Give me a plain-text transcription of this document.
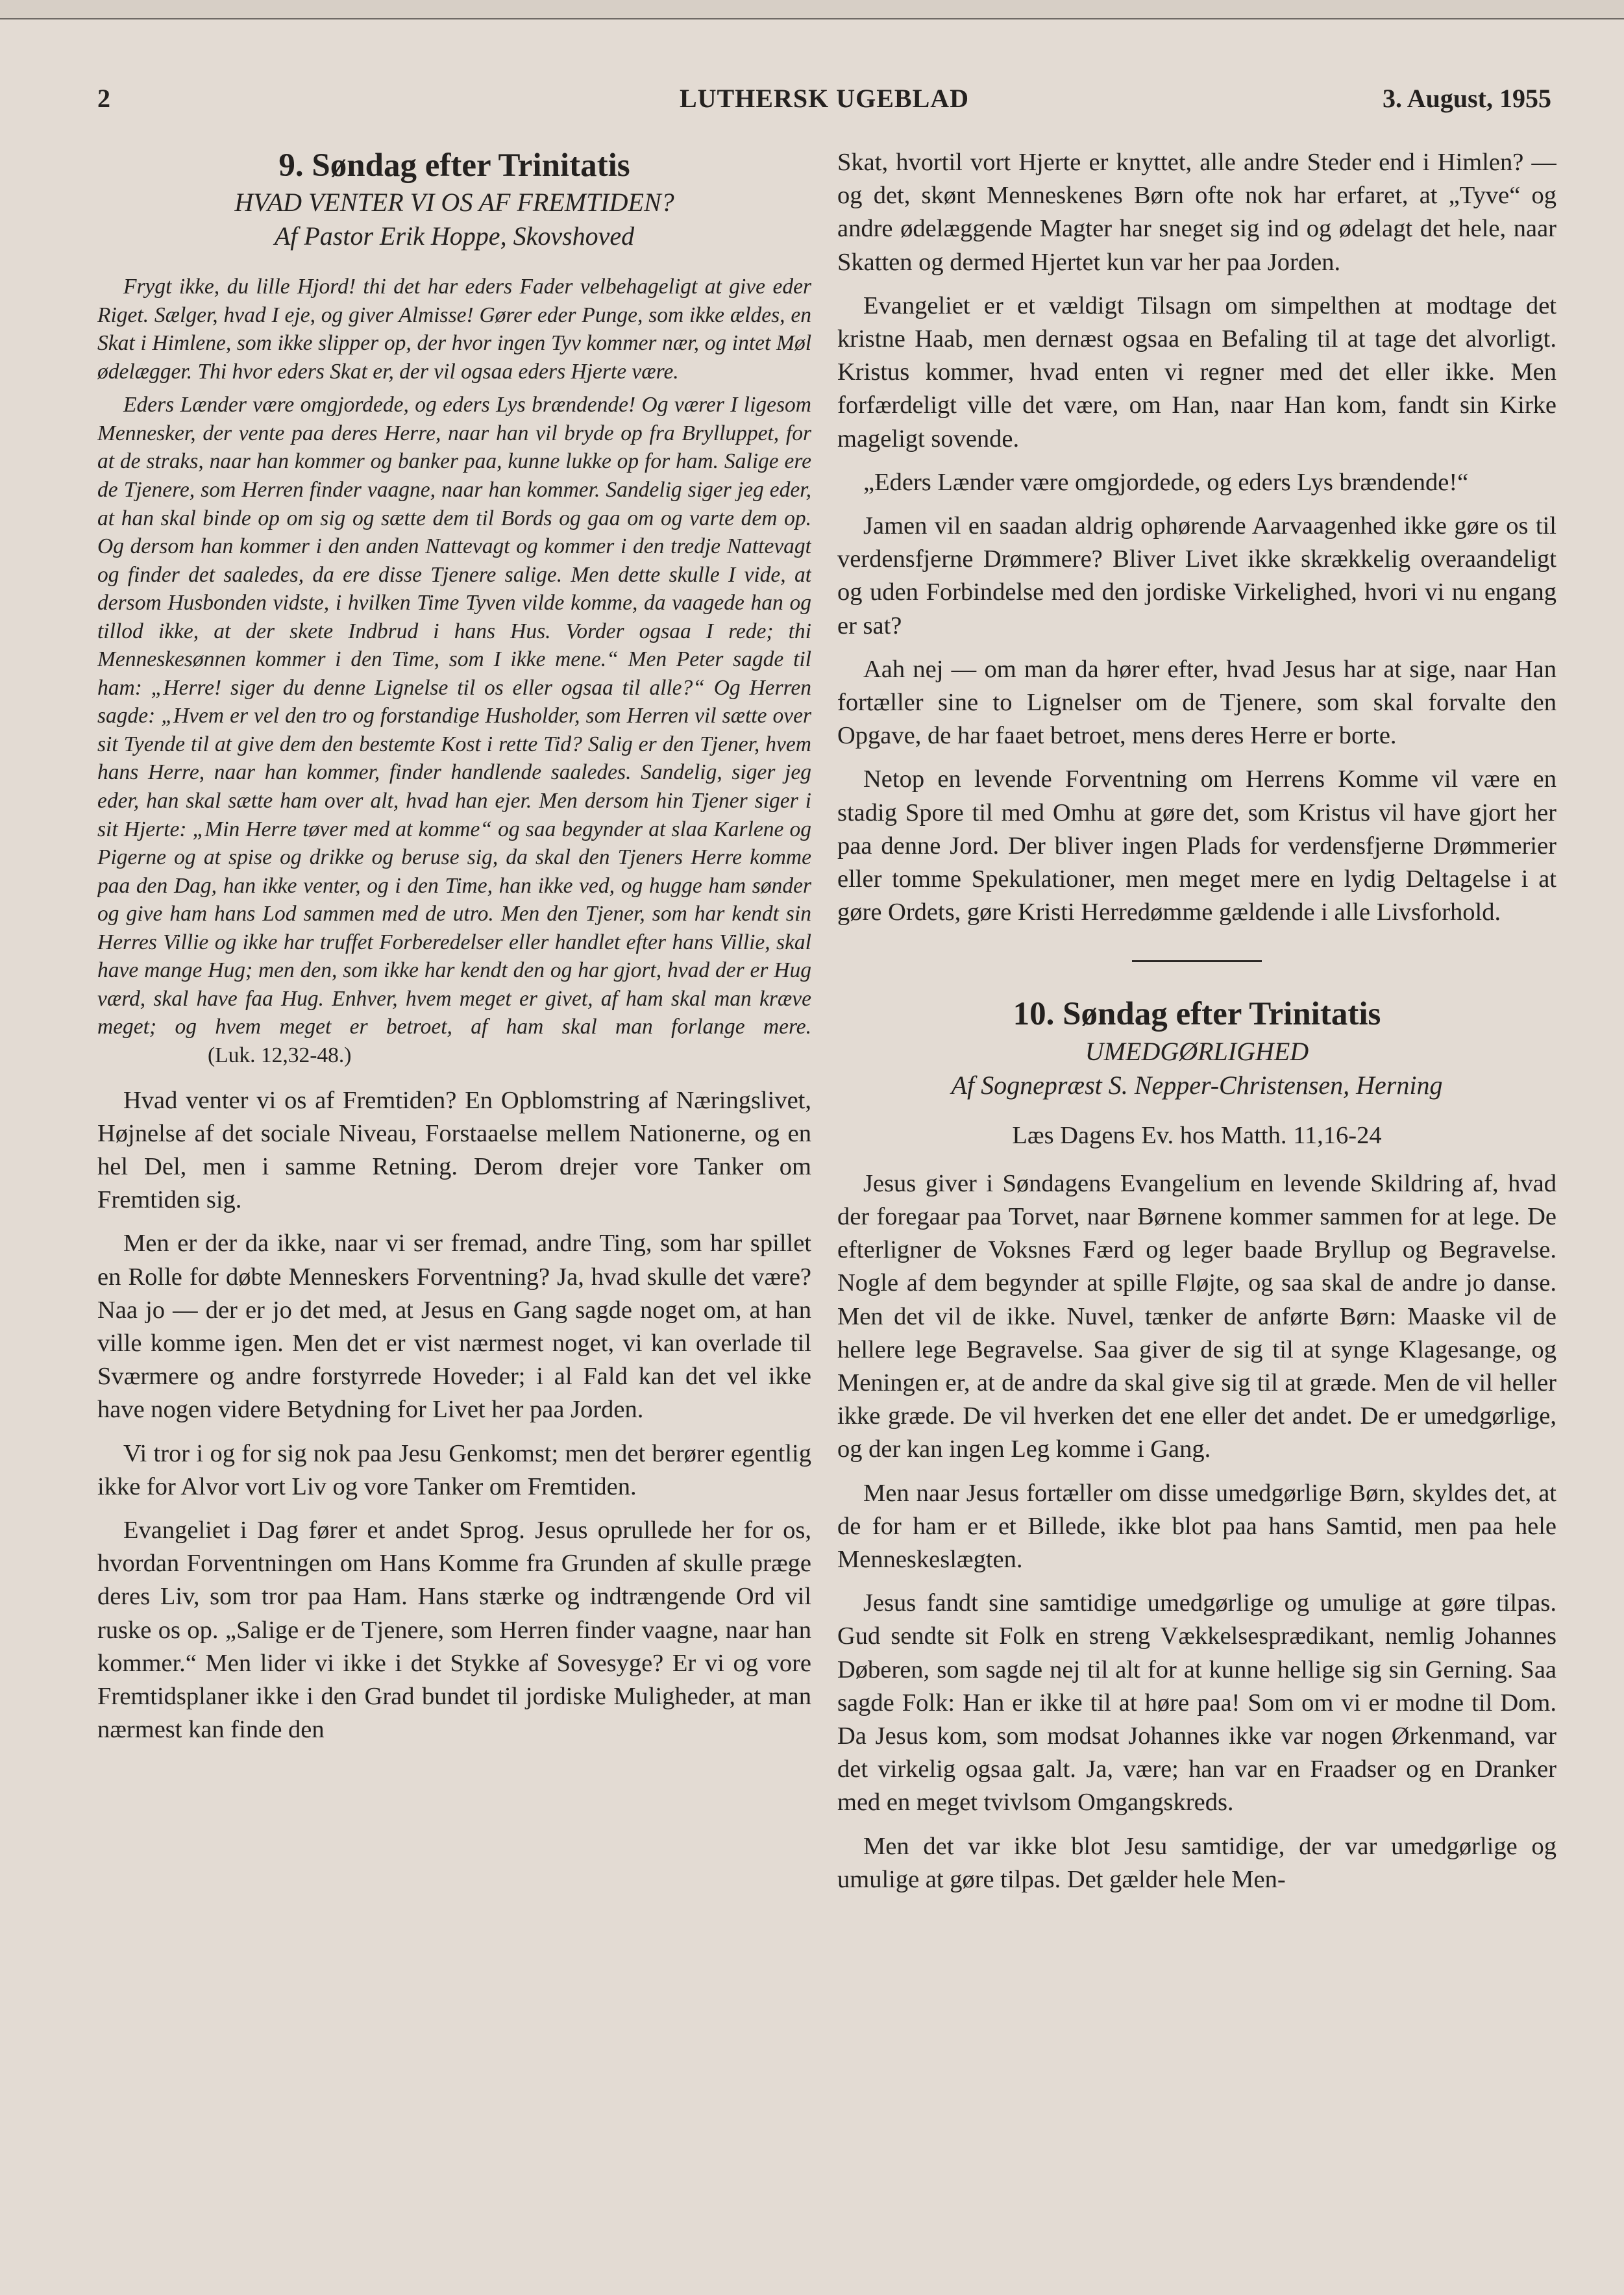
2	LUTHERSK UGEBLAD	3. August, 1955
9. Søndag efter Trinitatis

HVAD VENTER VI OS AF FREMTIDEN?

Af Pastor Erik Hoppe, Skovshoved

Frygt ikke, du lille Hjord! thi det har eders Fader velbehageligt at give eder Riget. Sælger, hvad I eje, og giver Almisse! Gører eder Punge, som ikke ældes, en Skat i Himlene, som ikke slipper op, der hvor ingen Tyv kommer nær, og intet Møl ødelægger. Thi hvor eders Skat er, der vil ogsaa eders Hjerte være.

Eders Lænder være omgjordede, og eders Lys brændende! Og værer I ligesom Mennesker, der vente paa deres Herre, naar han vil bryde op fra Brylluppet, for at de straks, naar han kommer og banker paa, kunne lukke op for ham. Salige ere de Tjenere, som Herren finder vaagne, naar han kommer. Sandelig siger jeg eder, at han skal binde op om sig og sætte dem til Bords og gaa om og varte dem op. Og dersom han kommer i den anden Nattevagt og kommer i den tredje Nattevagt og finder det saaledes, da ere disse Tjenere salige. Men dette skulle I vide, at dersom Husbonden vidste, i hvilken Time Tyven vilde komme, da vaagede han og tillod ikke, at der skete Indbrud i hans Hus. Vorder ogsaa I rede; thi Menneskesønnen kommer i den Time, som I ikke mene.“ Men Peter sagde til ham: „Herre! siger du denne Lignelse til os eller ogsaa til alle?“ Og Herren sagde: „Hvem er vel den tro og forstandige Husholder, som Herren vil sætte over sit Tyende til at give dem den bestemte Kost i rette Tid? Salig er den Tjener, hvem hans Herre, naar han kommer, finder handlende saaledes. Sandelig, siger jeg eder, han skal sætte ham over alt, hvad han ejer. Men dersom hin Tjener siger i sit Hjerte: „Min Herre tøver med at komme“ og saa begynder at slaa Karlene og Pigerne og at spise og drikke og beruse sig, da skal den Tjeners Herre komme paa den Dag, han ikke venter, og i den Time, han ikke ved, og hugge ham sønder og give ham hans Lod sammen med de utro. Men den Tjener, som har kendt sin Herres Villie og ikke har truffet Forberedelser eller handlet efter hans Villie, skal have mange Hug; men den, som ikke har kendt den og har gjort, hvad der er Hug værd, skal have faa Hug. Enhver, hvem meget er givet, af ham skal man kræve meget; og hvem meget er betroet, af ham skal man forlange mere.(Luk. 12,32-48.)

Hvad venter vi os af Fremtiden? En Opblomstring af Næringslivet, Højnelse af det sociale Niveau, Forstaaelse mellem Nationerne, og en hel Del, men i samme Retning. Derom drejer vore Tanker om Fremtiden sig.

Men er der da ikke, naar vi ser fremad, andre Ting, som har spillet en Rolle for døbte Menneskers Forventning? Ja, hvad skulle det være? Naa jo — der er jo det med, at Jesus en Gang sagde noget om, at han ville komme igen. Men det er vist nærmest noget, vi kan overlade til Sværmere og andre forstyrrede Hoveder; i al Fald kan det vel ikke have nogen videre Betydning for Livet her paa Jorden.

Vi tror i og for sig nok paa Jesu Genkomst; men det berører egentlig ikke for Alvor vort Liv og vore Tanker om Fremtiden.

Evangeliet i Dag fører et andet Sprog. Jesus oprullede her for os, hvordan Forventningen om Hans Komme fra Grunden af skulle præge deres Liv, som tror paa Ham. Hans stærke og indtrængende Ord vil ruske os op. „Salige er de Tjenere, som Herren finder vaagne, naar han kommer.“ Men lider vi ikke i det Stykke af Sovesyge? Er vi og vore Fremtidsplaner ikke i den Grad bundet til jordiske Muligheder, at man nærmest kan finde den

Skat, hvortil vort Hjerte er knyttet, alle andre Steder end i Himlen? — og det, skønt Menneskenes Børn ofte nok har erfaret, at „Tyve“ og andre ødelæggende Magter har sneget sig ind og ødelagt det hele, naar Skatten og dermed Hjertet kun var her paa Jorden.

Evangeliet er et vældigt Tilsagn om simpelthen at modtage det kristne Haab, men dernæst ogsaa en Befaling til at tage det alvorligt. Kristus kommer, hvad enten vi regner med det eller ikke. Men forfærdeligt ville det være, om Han, naar Han kom, fandt sin Kirke mageligt sovende.

„Eders Lænder være omgjordede, og eders Lys brændende!“

Jamen vil en saadan aldrig ophørende Aarvaagenhed ikke gøre os til verdensfjerne Drømmere? Bliver Livet ikke skrækkelig overaandeligt og uden Forbindelse med den jordiske Virkelighed, hvori vi nu engang er sat?

Aah nej — om man da hører efter, hvad Jesus har at sige, naar Han fortæller sine to Lignelser om de Tjenere, som skal forvalte den Opgave, de har faaet betroet, mens deres Herre er borte.

Netop en levende Forventning om Herrens Komme vil være en stadig Spore til med Omhu at gøre det, som Kristus vil have gjort her paa denne Jord. Der bliver ingen Plads for verdensfjerne Drømmerier eller tomme Spekulationer, men meget mere en lydig Deltagelse i at gøre Ordets, gøre Kristi Herredømme gældende i alle Livsforhold.

10. Søndag efter Trinitatis

UMEDGØRLIGHED

Af Sognepræst S. Nepper-Christensen, Herning

Læs Dagens Ev. hos Matth. 11,16-24

Jesus giver i Søndagens Evangelium en levende Skildring af, hvad der foregaar paa Torvet, naar Børnene kommer sammen for at lege. De efterligner de Voksnes Færd og leger baade Bryllup og Begravelse. Nogle af dem begynder at spille Fløjte, og saa skal de andre jo danse. Men det vil de ikke. Nuvel, tænker de anførte Børn: Maaske vil de hellere lege Begravelse. Saa giver de sig til at synge Klagesange, og Meningen er, at de andre da skal give sig til at græde. Men de vil heller ikke græde. De vil hverken det ene eller det andet. De er umedgørlige, og der kan ingen Leg komme i Gang.

Men naar Jesus fortæller om disse umedgørlige Børn, skyldes det, at de for ham er et Billede, ikke blot paa hans Samtid, men paa hele Menneskeslægten.

Jesus fandt sine samtidige umedgørlige og umulige at gøre tilpas. Gud sendte sit Folk en streng Vækkelsesprædikant, nemlig Johannes Døberen, som sagde nej til alt for at kunne hellige sig sin Gerning. Saa sagde Folk: Han er ikke til at høre paa! Som om vi er modne til Dom. Da Jesus kom, som modsat Johannes ikke var nogen Ørkenmand, var det virkelig ogsaa galt. Ja, være; han var en Fraadser og en Dranker med en meget tvivlsom Omgangskreds.

Men det var ikke blot Jesu samtidige, der var umedgørlige og umulige at gøre tilpas. Det gælder hele Men-
